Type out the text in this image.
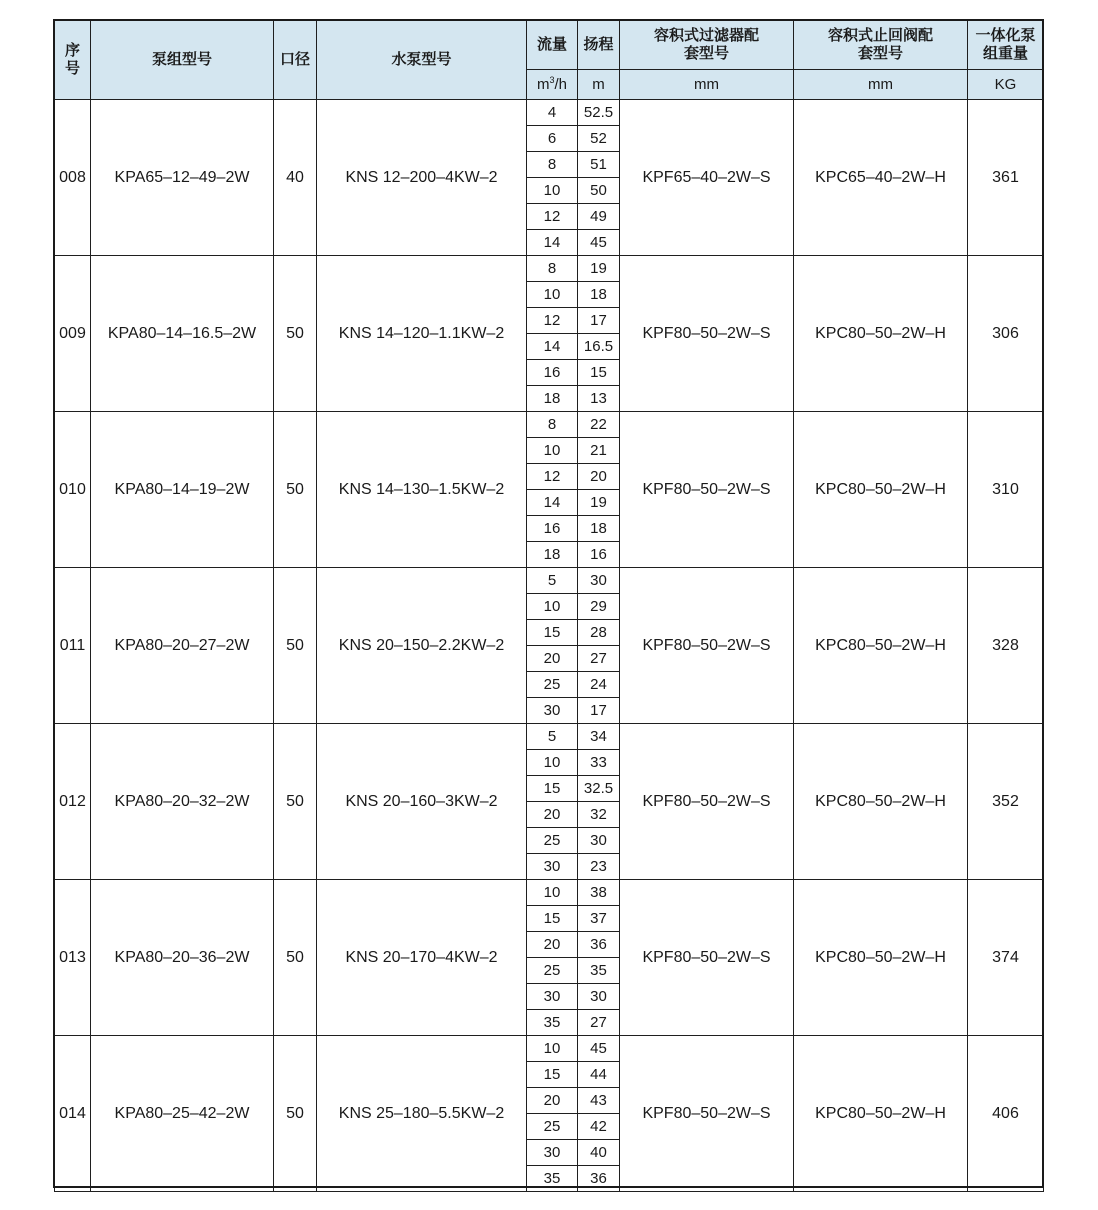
序号	泵组型号	口径	水泵型号	流量	扬程	容积式过滤器配套型号	容积式止回阀配套型号	一体化泵组重量
				$m^3/h$	m	mm	mm	KG
008	KPA65–12–49–2W	40	KNS 12–200–4KW–2	4	52.5	KPF65–40–2W–S	KPC65–40–2W–H	361
				6	52			
				8	51			
				10	50			
				12	49			
				14	45			
009	KPA80–14–16.5–2W	50	KNS 14–120–1.1KW–2	8	19	KPF80–50–2W–S	KPC80–50–2W–H	306
				10	18			
				12	17			
				14	16.5			
				16	15			
				18	13			
010	KPA80–14–19–2W	50	KNS 14–130–1.5KW–2	8	22	KPF80–50–2W–S	KPC80–50–2W–H	310
				10	21			
				12	20			
				14	19			
				16	18			
				18	16			
011	KPA80–20–27–2W	50	KNS 20–150–2.2KW–2	5	30	KPF80–50–2W–S	KPC80–50–2W–H	328
				10	29			
				15	28			
				20	27			
				25	24			
				30	17			
012	KPA80–20–32–2W	50	KNS 20–160–3KW–2	5	34	KPF80–50–2W–S	KPC80–50–2W–H	352
				10	33			
				15	32.5			
				20	32			
				25	30			
				30	23			
013	KPA80–20–36–2W	50	KNS 20–170–4KW–2	10	38	KPF80–50–2W–S	KPC80–50–2W–H	374
				15	37			
				20	36			
				25	35			
				30	30			
				35	27			
014	KPA80–25–42–2W	50	KNS 25–180–5.5KW–2	10	45	KPF80–50–2W–S	KPC80–50–2W–H	406
				15	44			
				20	43			
				25	42			
				30	40			
				35	36			
